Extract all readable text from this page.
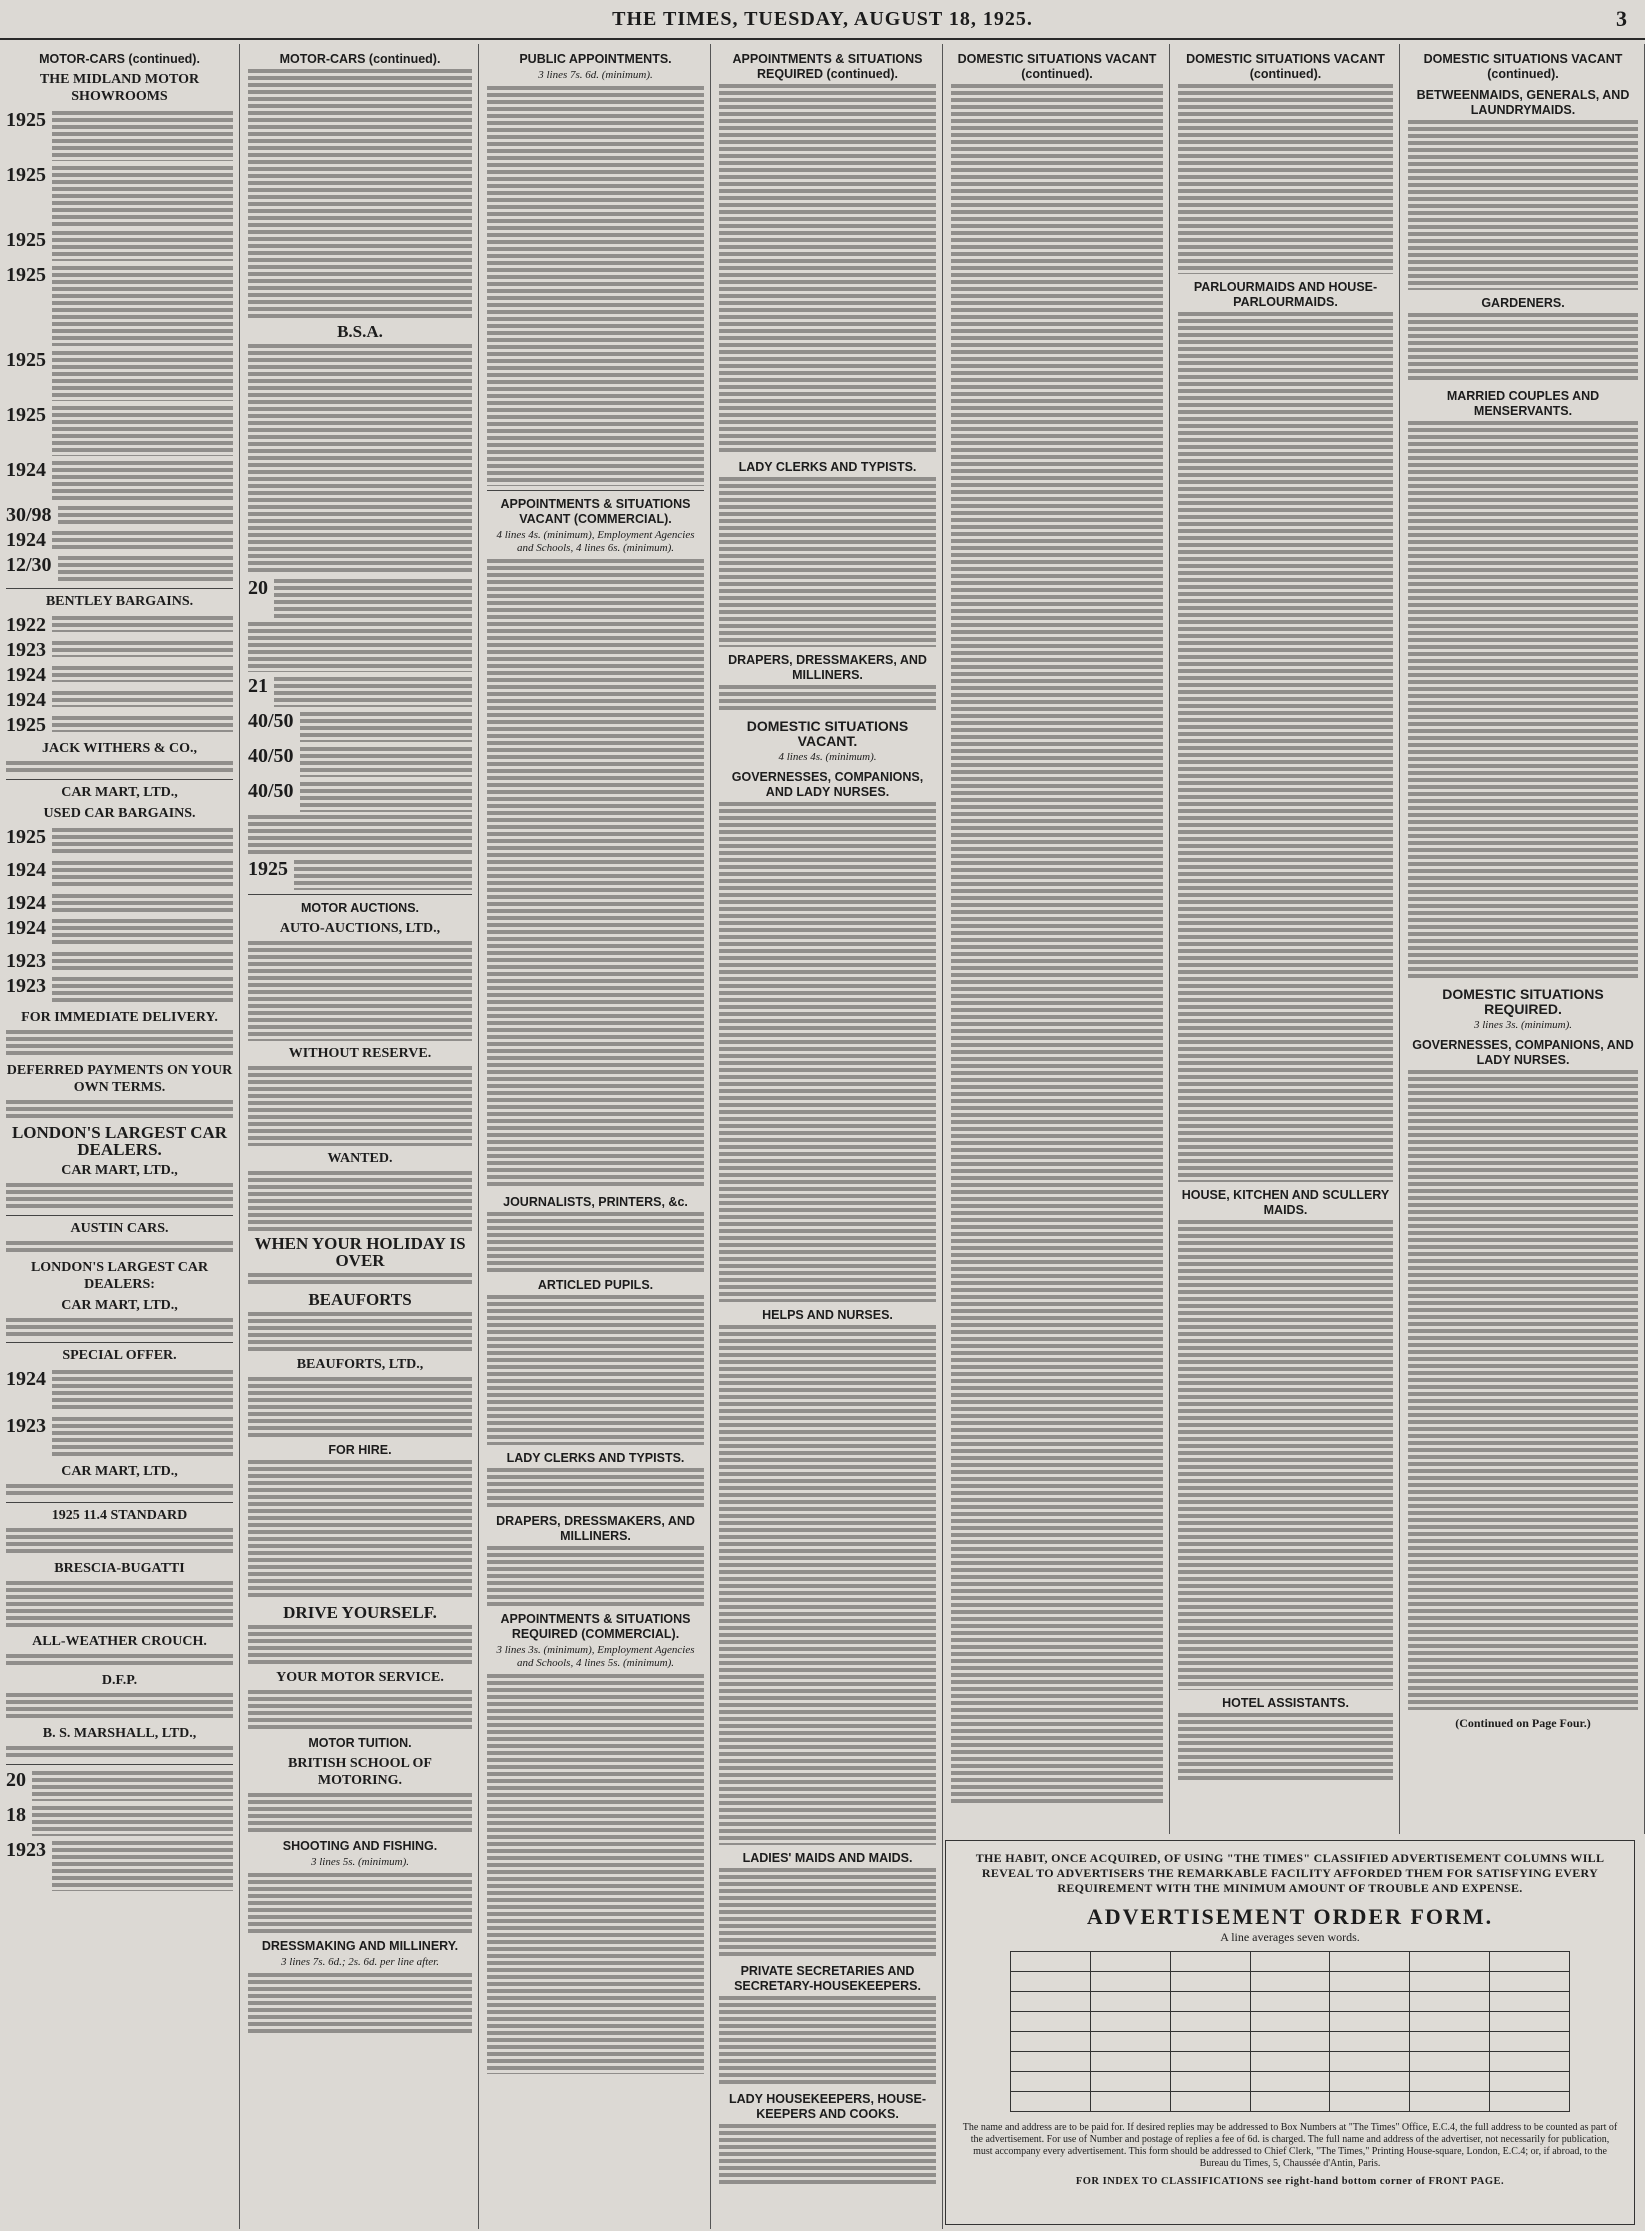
THE TIMES, TUESDAY, AUGUST 18, 1925.	3
MOTOR-CARS (continued).
THE MIDLAND MOTOR SHOWROOMS
1925
1925
1925
1925
1925
1925
1924
30/98
1924
12/30
BENTLEY BARGAINS.
1922
1923
1924
1924
1925
JACK WITHERS & CO.,
CAR MART, LTD.,
USED CAR BARGAINS.
1925
1924
1924
1924
1923
1923
FOR IMMEDIATE DELIVERY.
DEFERRED PAYMENTS ON YOUR OWN TERMS.
LONDON'S LARGEST CAR DEALERS.
CAR MART, LTD.,
AUSTIN CARS.
LONDON'S LARGEST CAR DEALERS:
CAR MART, LTD.,
SPECIAL OFFER.
1924
1923
CAR MART, LTD.,
1925 11.4 STANDARD
BRESCIA-BUGATTI
ALL-WEATHER CROUCH.
D.F.P.
B. S. MARSHALL, LTD.,
20
18
1923
MOTOR-CARS (continued).
B.S.A.
20
21
40/50
40/50
40/50
1925
MOTOR AUCTIONS.
AUTO-AUCTIONS, LTD.,
WITHOUT RESERVE.
WANTED.
WHEN YOUR HOLIDAY IS OVER
BEAUFORTS
BEAUFORTS, LTD.,
FOR HIRE.
DRIVE YOURSELF.
YOUR MOTOR SERVICE.
MOTOR TUITION.
BRITISH SCHOOL OF MOTORING.
SHOOTING AND FISHING.
3 lines 5s. (minimum).
DRESSMAKING AND MILLINERY.
3 lines 7s. 6d.; 2s. 6d. per line after.
PUBLIC APPOINTMENTS.
3 lines 7s. 6d. (minimum).
APPOINTMENTS & SITUATIONS VACANT (COMMERCIAL).
4 lines 4s. (minimum), Employment Agencies and Schools, 4 lines 6s. (minimum).
JOURNALISTS, PRINTERS, &c.
ARTICLED PUPILS.
LADY CLERKS AND TYPISTS.
DRAPERS, DRESSMAKERS, AND MILLINERS.
APPOINTMENTS & SITUATIONS REQUIRED (COMMERCIAL).
3 lines 3s. (minimum), Employment Agencies and Schools, 4 lines 5s. (minimum).
APPOINTMENTS & SITUATIONS REQUIRED (continued).
LADY CLERKS AND TYPISTS.
DRAPERS, DRESSMAKERS, AND MILLINERS.
DOMESTIC SITUATIONS VACANT.
4 lines 4s. (minimum).
GOVERNESSES, COMPANIONS, AND LADY NURSES.
HELPS AND NURSES.
LADIES' MAIDS AND MAIDS.
PRIVATE SECRETARIES AND SECRETARY-HOUSEKEEPERS.
LADY HOUSEKEEPERS, HOUSE-KEEPERS AND COOKS.
DOMESTIC SITUATIONS VACANT (continued).
DOMESTIC SITUATIONS VACANT (continued).
PARLOURMAIDS AND HOUSE-PARLOURMAIDS.
HOUSE, KITCHEN AND SCULLERY MAIDS.
HOTEL ASSISTANTS.
DOMESTIC SITUATIONS VACANT (continued).
BETWEENMAIDS, GENERALS, AND LAUNDRYMAIDS.
GARDENERS.
MARRIED COUPLES AND MENSERVANTS.
DOMESTIC SITUATIONS REQUIRED.
3 lines 3s. (minimum).
GOVERNESSES, COMPANIONS, AND LADY NURSES.
(Continued on Page Four.)
THE HABIT, ONCE ACQUIRED, OF USING "THE TIMES" CLASSIFIED ADVERTISEMENT COLUMNS WILL REVEAL TO ADVERTISERS THE REMARKABLE FACILITY AFFORDED THEM FOR SATISFYING EVERY REQUIREMENT WITH THE MINIMUM AMOUNT OF TROUBLE AND EXPENSE.
ADVERTISEMENT ORDER FORM.
A line averages seven words.

The name and address are to be paid for. If desired replies may be addressed to Box Numbers at "The Times" Office, E.C.4, the full address to be counted as part of the advertisement. For use of Number and postage of replies a fee of 6d. is charged. The full name and address of the advertiser, not necessarily for publication, must accompany every advertisement. This form should be addressed to Chief Clerk, "The Times," Printing House-square, London, E.C.4; or, if abroad, to the Bureau du Times, 5, Chaussée d'Antin, Paris.
FOR INDEX TO CLASSIFICATIONS see right-hand bottom corner of FRONT PAGE.
